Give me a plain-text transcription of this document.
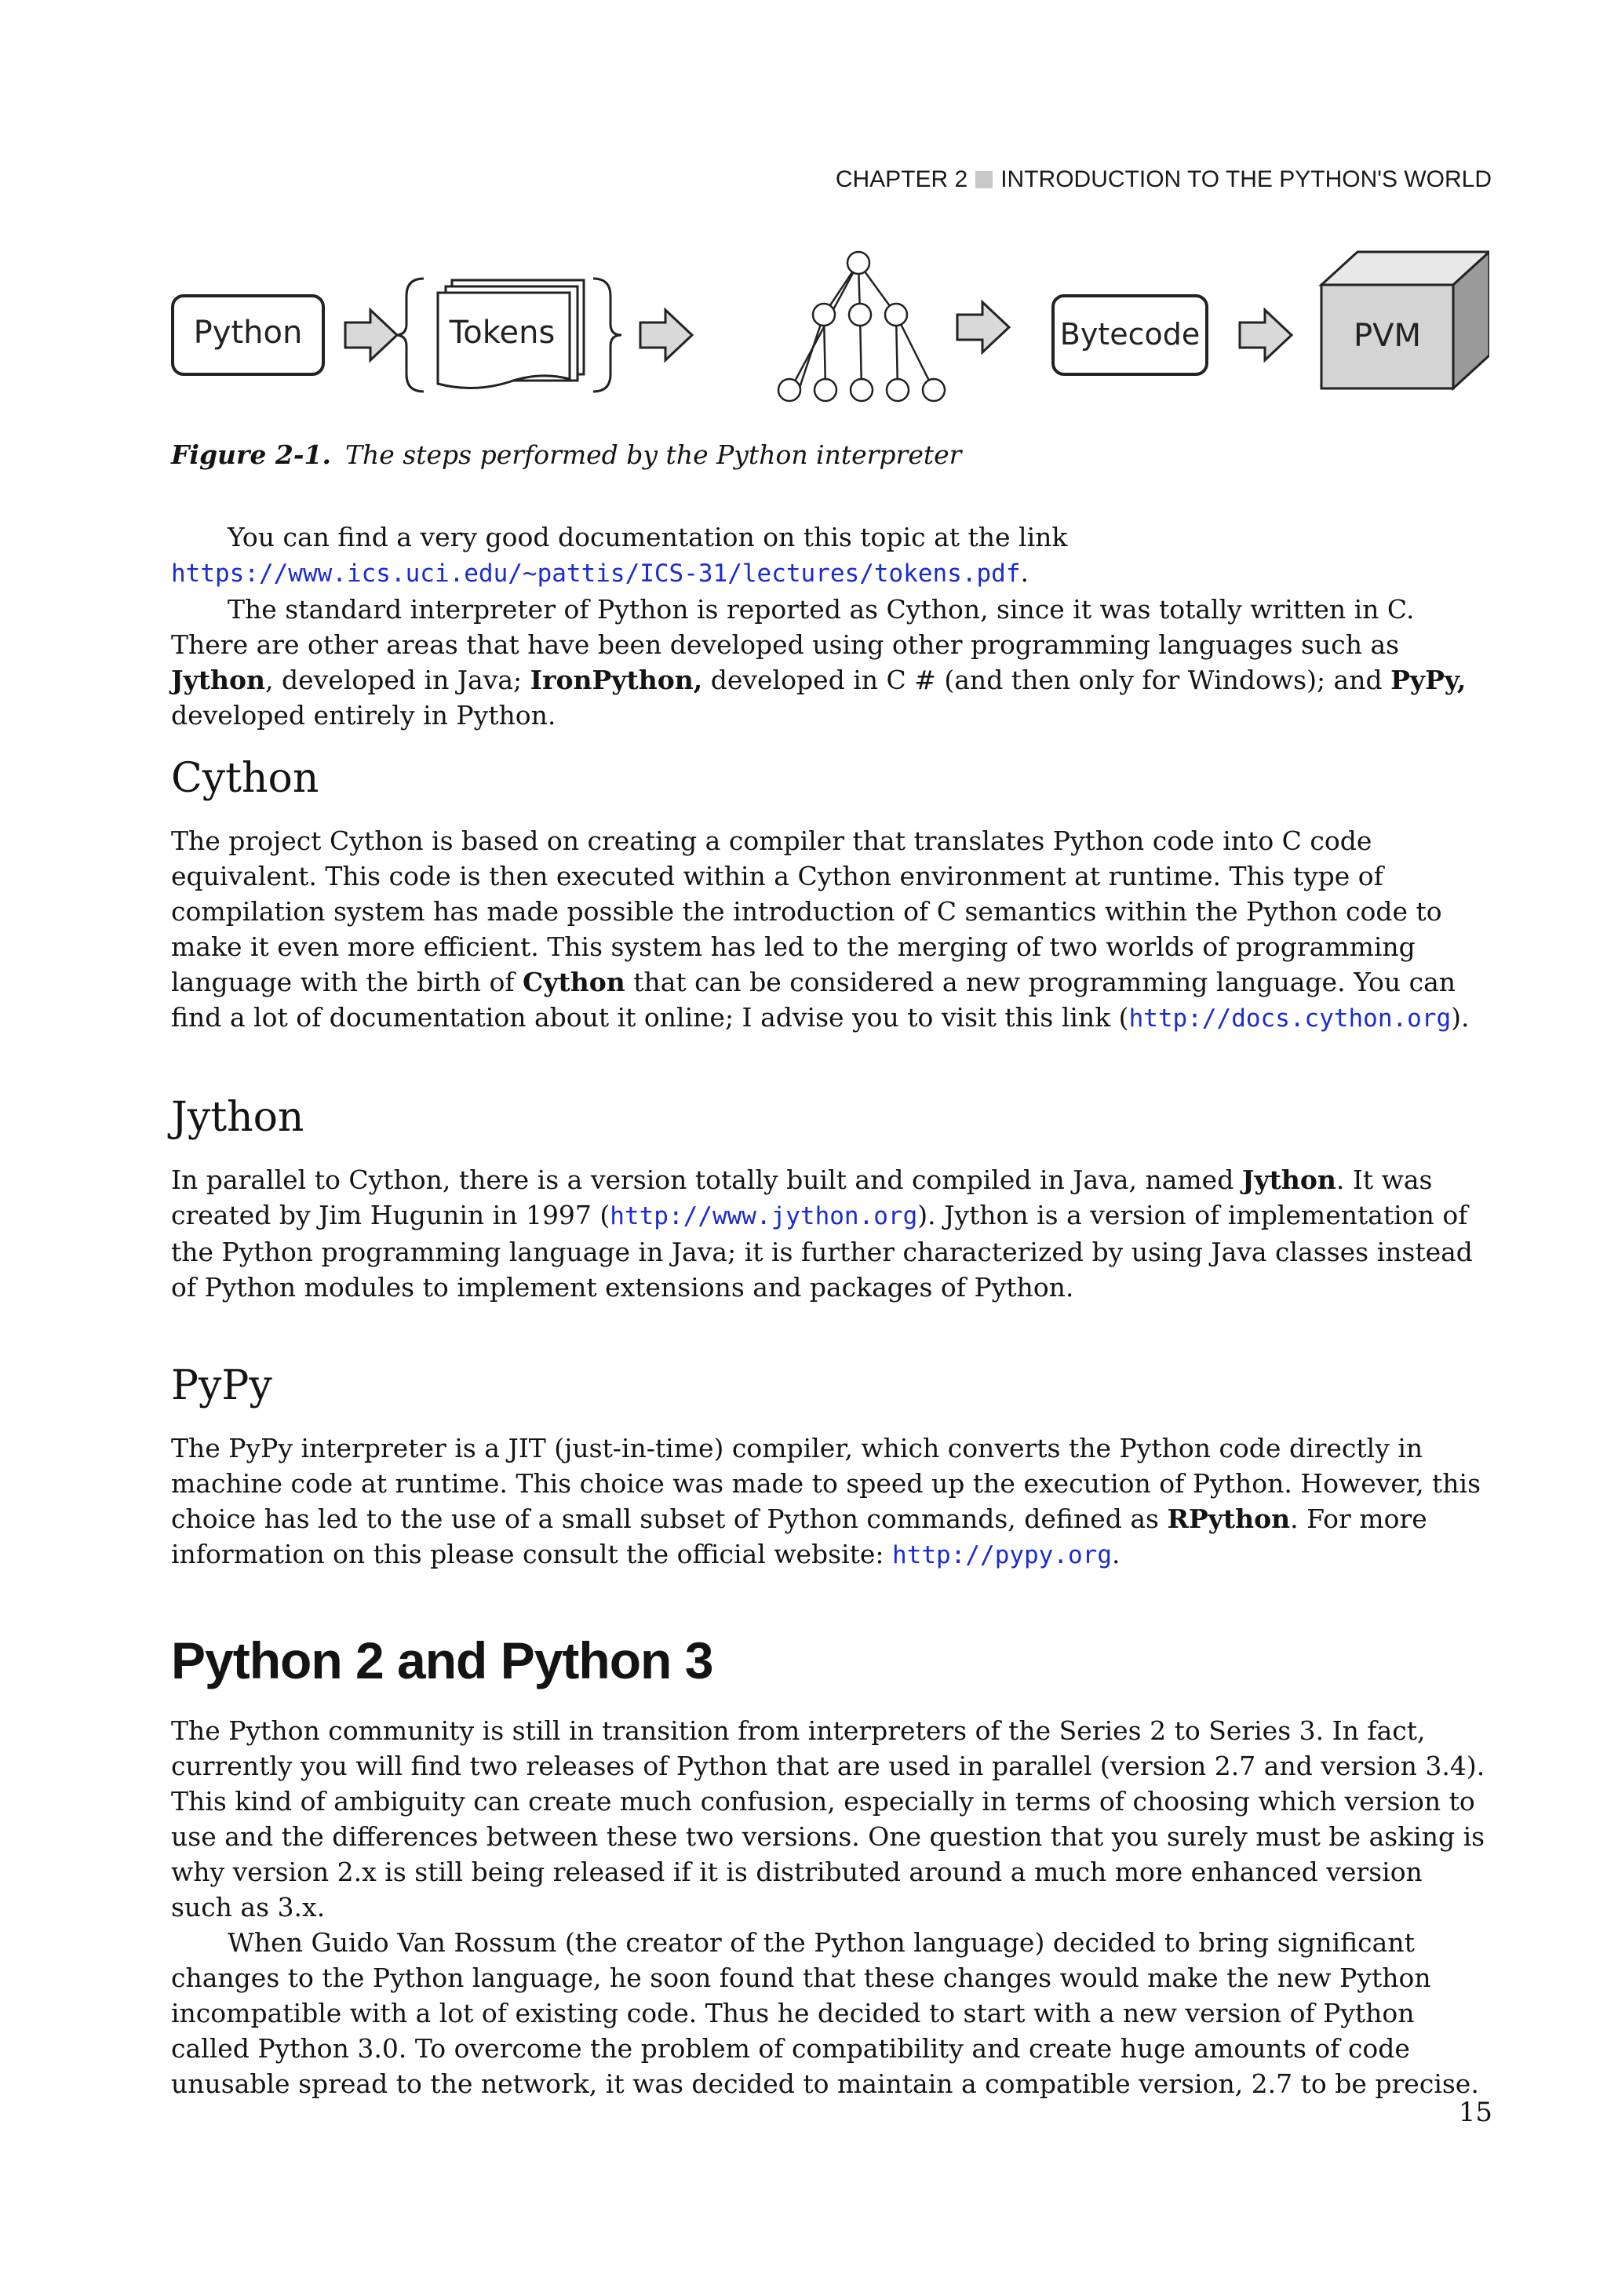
CHAPTER 2 INTRODUCTION TO THE PYTHON'S WORLD
Python	Tokens	Bytecode	PVM
Figure 2-1. The steps performed by the Python interpreter

You can find a very good documentation on this topic at the link https://www.ics.uci.edu/~pattis/ICS-31/lectures/tokens.pdf.

The standard interpreter of Python is reported as Cython, since it was totally written in C. There are other areas that have been developed using other programming languages such as Jython, developed in Java; IronPython, developed in C # (and then only for Windows); and PyPy, developed entirely in Python.

Cython

The project Cython is based on creating a compiler that translates Python code into C code equivalent. This code is then executed within a Cython environment at runtime. This type of compilation system has made possible the introduction of C semantics within the Python code to make it even more efficient. This system has led to the merging of two worlds of programming language with the birth of Cython that can be considered a new programming language. You can find a lot of documentation about it online; I advise you to visit this link (http://docs.cython.org).

Jython

In parallel to Cython, there is a version totally built and compiled in Java, named Jython. It was created by Jim Hugunin in 1997 (http://www.jython.org). Jython is a version of implementation of the Python programming language in Java; it is further characterized by using Java classes instead of Python modules to implement extensions and packages of Python.

PyPy

The PyPy interpreter is a JIT (just-in-time) compiler, which converts the Python code directly in machine code at runtime. This choice was made to speed up the execution of Python. However, this choice has led to the use of a small subset of Python commands, defined as RPython. For more information on this please consult the official website: http://pypy.org.

Python 2 and Python 3

The Python community is still in transition from interpreters of the Series 2 to Series 3. In fact, currently you will find two releases of Python that are used in parallel (version 2.7 and version 3.4). This kind of ambiguity can create much confusion, especially in terms of choosing which version to use and the differences between these two versions. One question that you surely must be asking is why version 2.x is still being released if it is distributed around a much more enhanced version such as 3.x.

When Guido Van Rossum (the creator of the Python language) decided to bring significant changes to the Python language, he soon found that these changes would make the new Python incompatible with a lot of existing code. Thus he decided to start with a new version of Python called Python 3.0. To overcome the problem of compatibility and create huge amounts of code unusable spread to the network, it was decided to maintain a compatible version, 2.7 to be precise.

15
